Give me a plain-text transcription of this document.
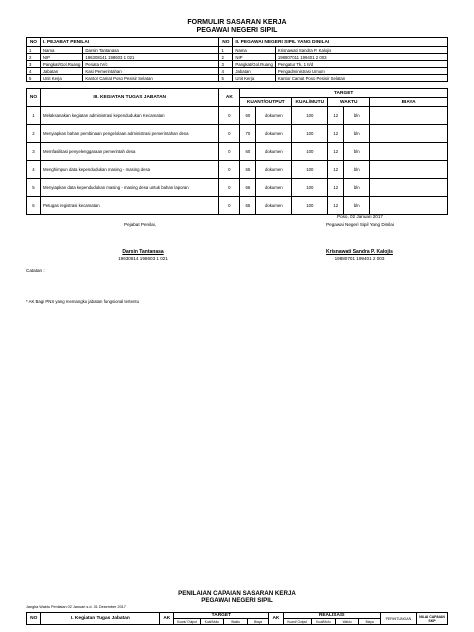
FORMULIR SASARAN KERJA
PEGAWAI NEGERI SIPIL
NO	I. PEJABAT PENILAI		NO	II. PEGAWAI NEGERI SIPIL YANG DINILAI	
1	Nama	Darsin Tantanasa	1	Nama	Krisnawati Sandra P. Kalojis
2	NIP	196308141 198603 1 021	2	NIP	198807011 199401 2 003
3	Pangkat/Gol.Ruang	Penata IV/c	3	Pangkat/Gol.Ruang	Pengatur Tk. 1 II/d
4	Jabatan	Kasi Pemerintahan	4	Jabatan	Pengadministrasi Umum
5	Unit Kerja	Kantor Camat Poso Pesisir Selatan	5	Unit Kerja	Kantor Camat Poso Pesisir Selatan
NO	III. KEGIATAN TUGAS JABATAN	AK	TARGET					
			KUANT/OUTPUT		KUAL/MUTU	WAKTU		BIAYA
1	Melaksanakan kegiatan administrasi kependudukan Kecamatan	0	60	dokumen	100	12	bln	
2	Menyiapkan bahan pembinaan pengelolaan administrasi pemerintahan desa	0	70	dokumen	100	12	bln	
3	Memfasilitasi penyelenggaraan pemerintah desa	0	60	dokumen	100	12	bln	
4	Menghimpun data kependudukan masing - masing desa	0	65	dokumen	100	12	bln	
5	Menyiapkan data kependudukan masing - masing desa untuk bahan laporan	0	66	dokumen	100	12	bln	
6	Petugas registrasi kecamatan	0	65	dokumen	100	12	bln	
Poso, 02 Januari 2017
Pejabat Penilai,	Pegawai Negeri Sipil Yang Dinilai
Darsin Tantanasa
19630814 198603 1 021
Krisnawati Sandra P. Kalojis
19880701 199401 2 003
Catatan :
* AK Bagi PNS yang memangku jabatan fungsional tertentu
PENILAIAN CAPAIAN SASARAN KERJA
PEGAWAI NEGERI SIPIL
Jangka Waktu Penilaian 02 Januari s.d. 31 Desember 2017
NO	I. Kegiatan Tugas Jabatan	AK	TARGET				AK	REALISASI				PERHITUNGAN	NILAI CAPAIAN SKP
			Kuant/ Output	Kual/Mutu	Waktu	Biaya		Kuant/ Output	Kual/Mutu	Waktu	Biaya		
